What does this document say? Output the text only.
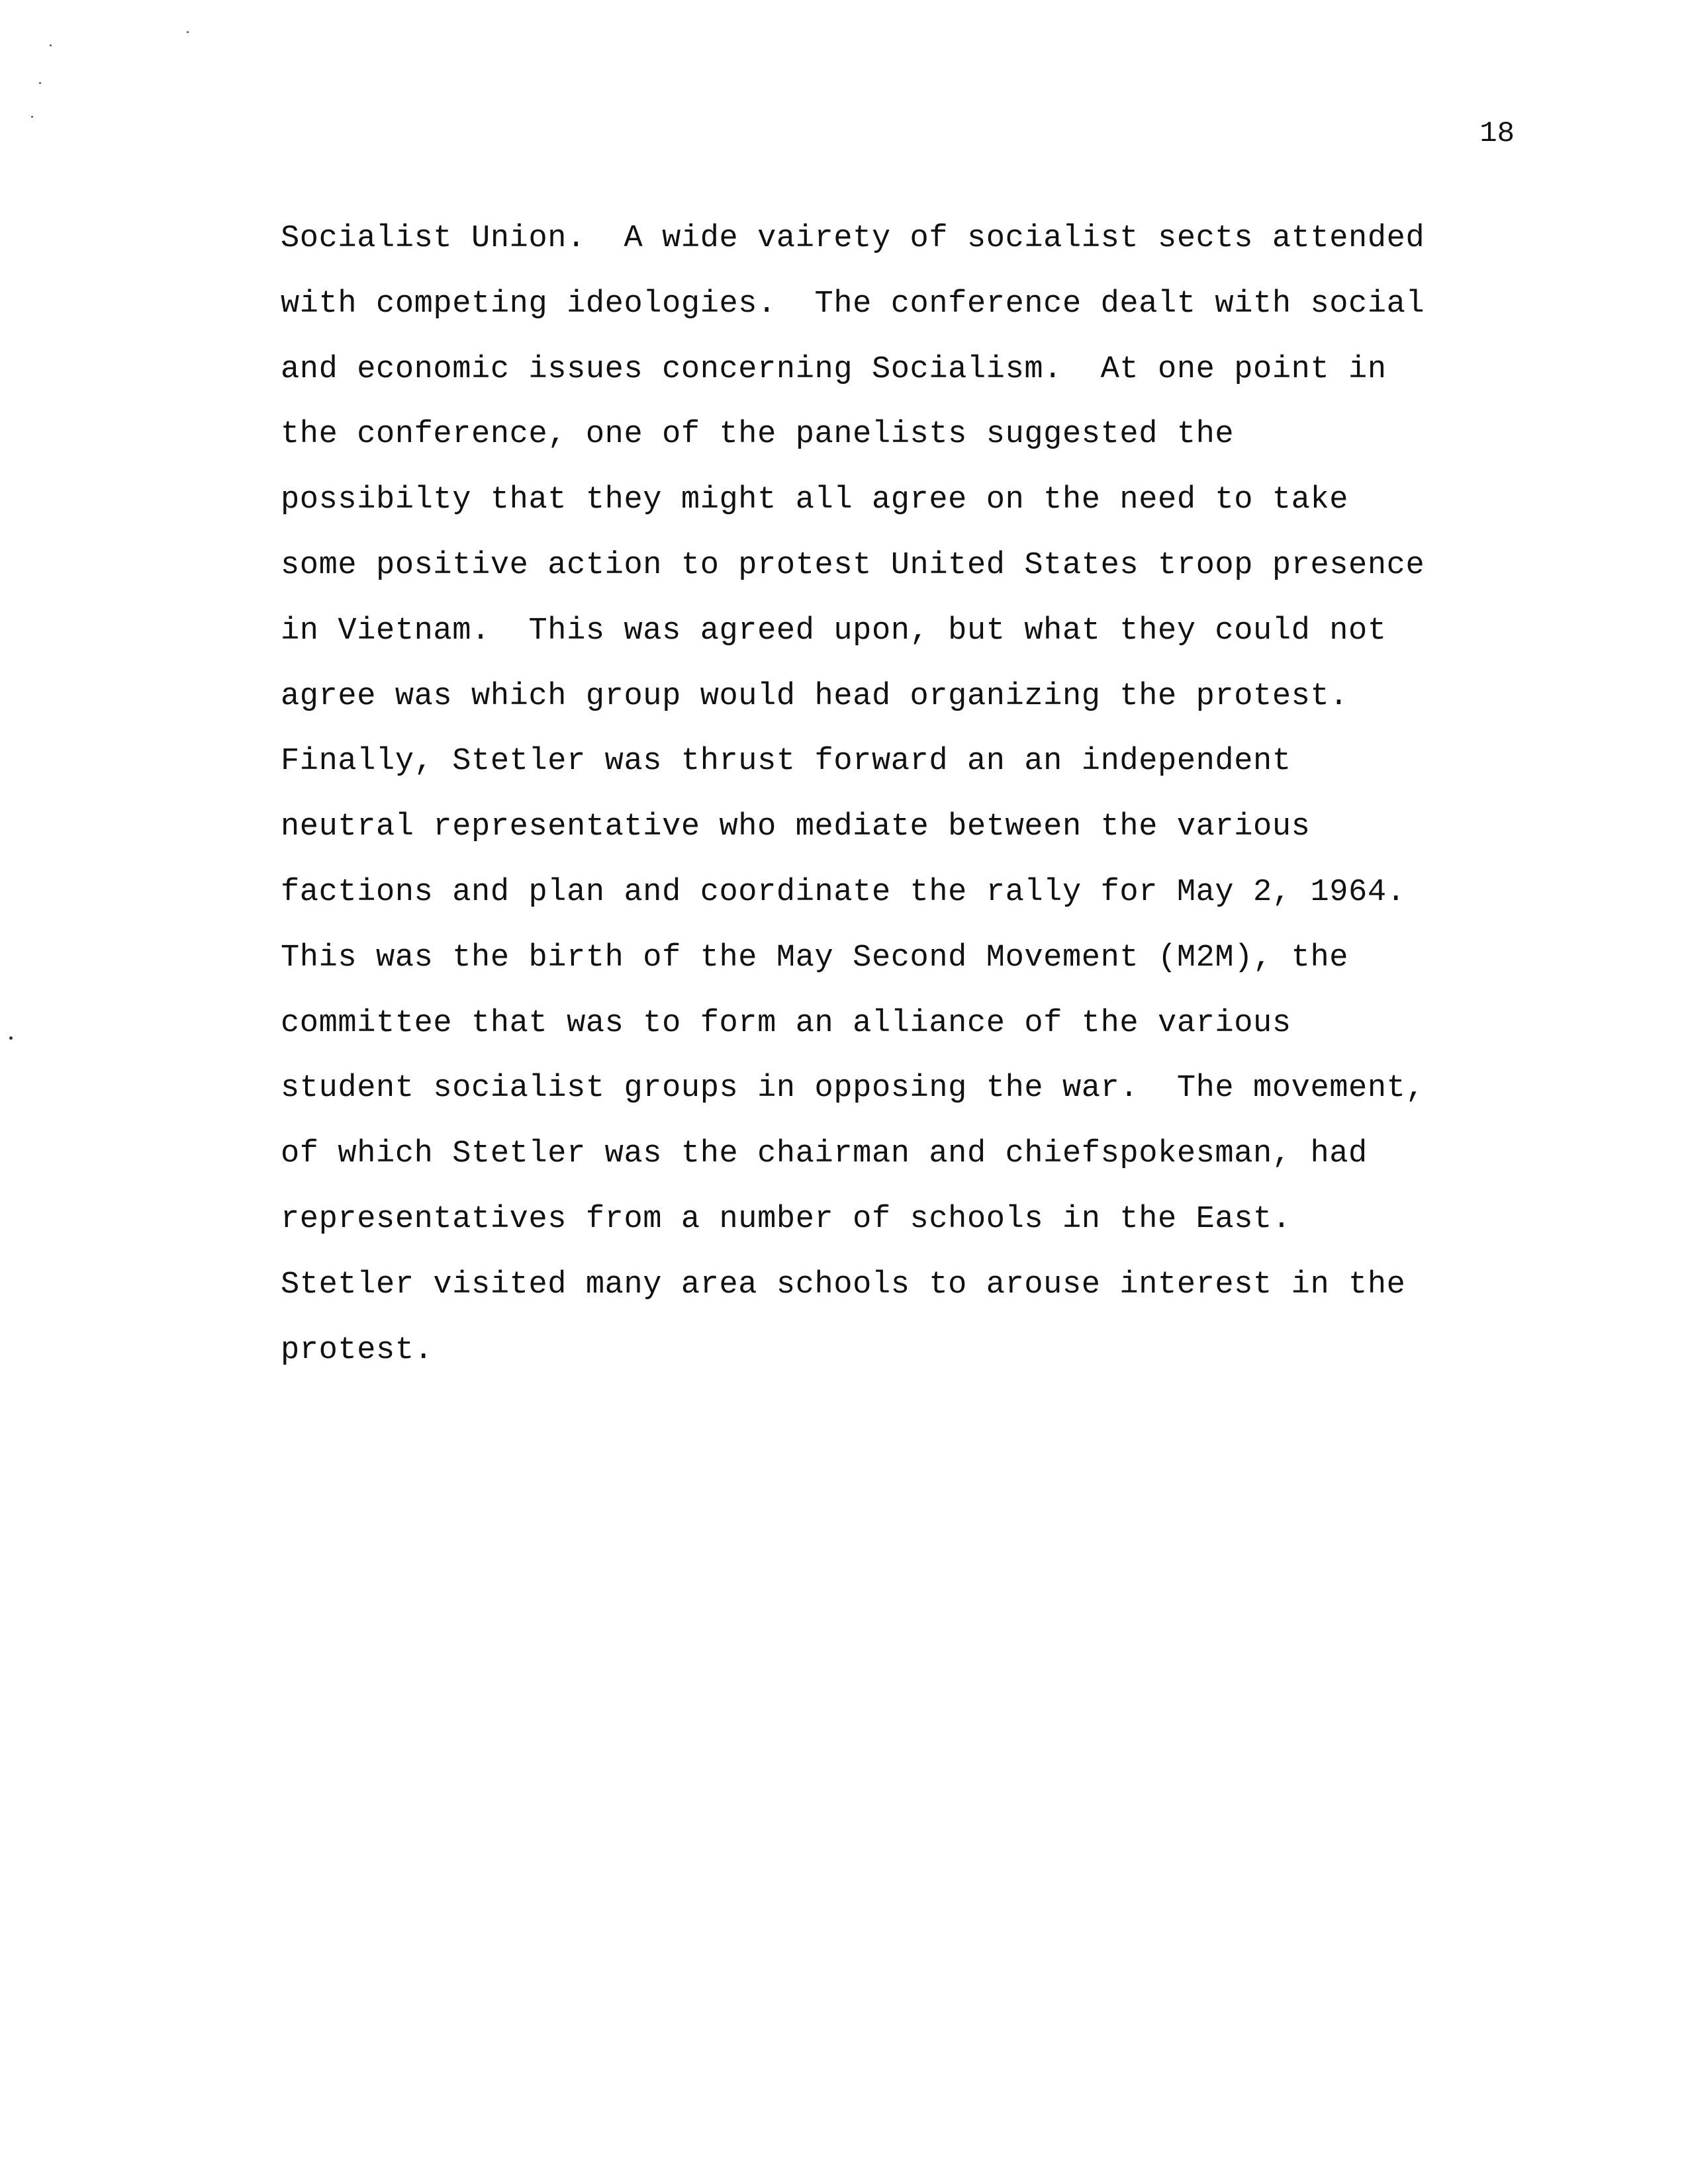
18
Socialist Union.  A wide vairety of socialist sects attended
with competing ideologies.  The conference dealt with social
and economic issues concerning Socialism.  At one point in
the conference, one of the panelists suggested the
possibilty that they might all agree on the need to take
some positive action to protest United States troop presence
in Vietnam.  This was agreed upon, but what they could not
agree was which group would head organizing the protest.
Finally, Stetler was thrust forward an an independent
neutral representative who mediate between the various
factions and plan and coordinate the rally for May 2, 1964.
This was the birth of the May Second Movement (M2M), the
committee that was to form an alliance of the various
student socialist groups in opposing the war.  The movement,
of which Stetler was the chairman and chiefspokesman, had
representatives from a number of schools in the East.
Stetler visited many area schools to arouse interest in the
protest.
